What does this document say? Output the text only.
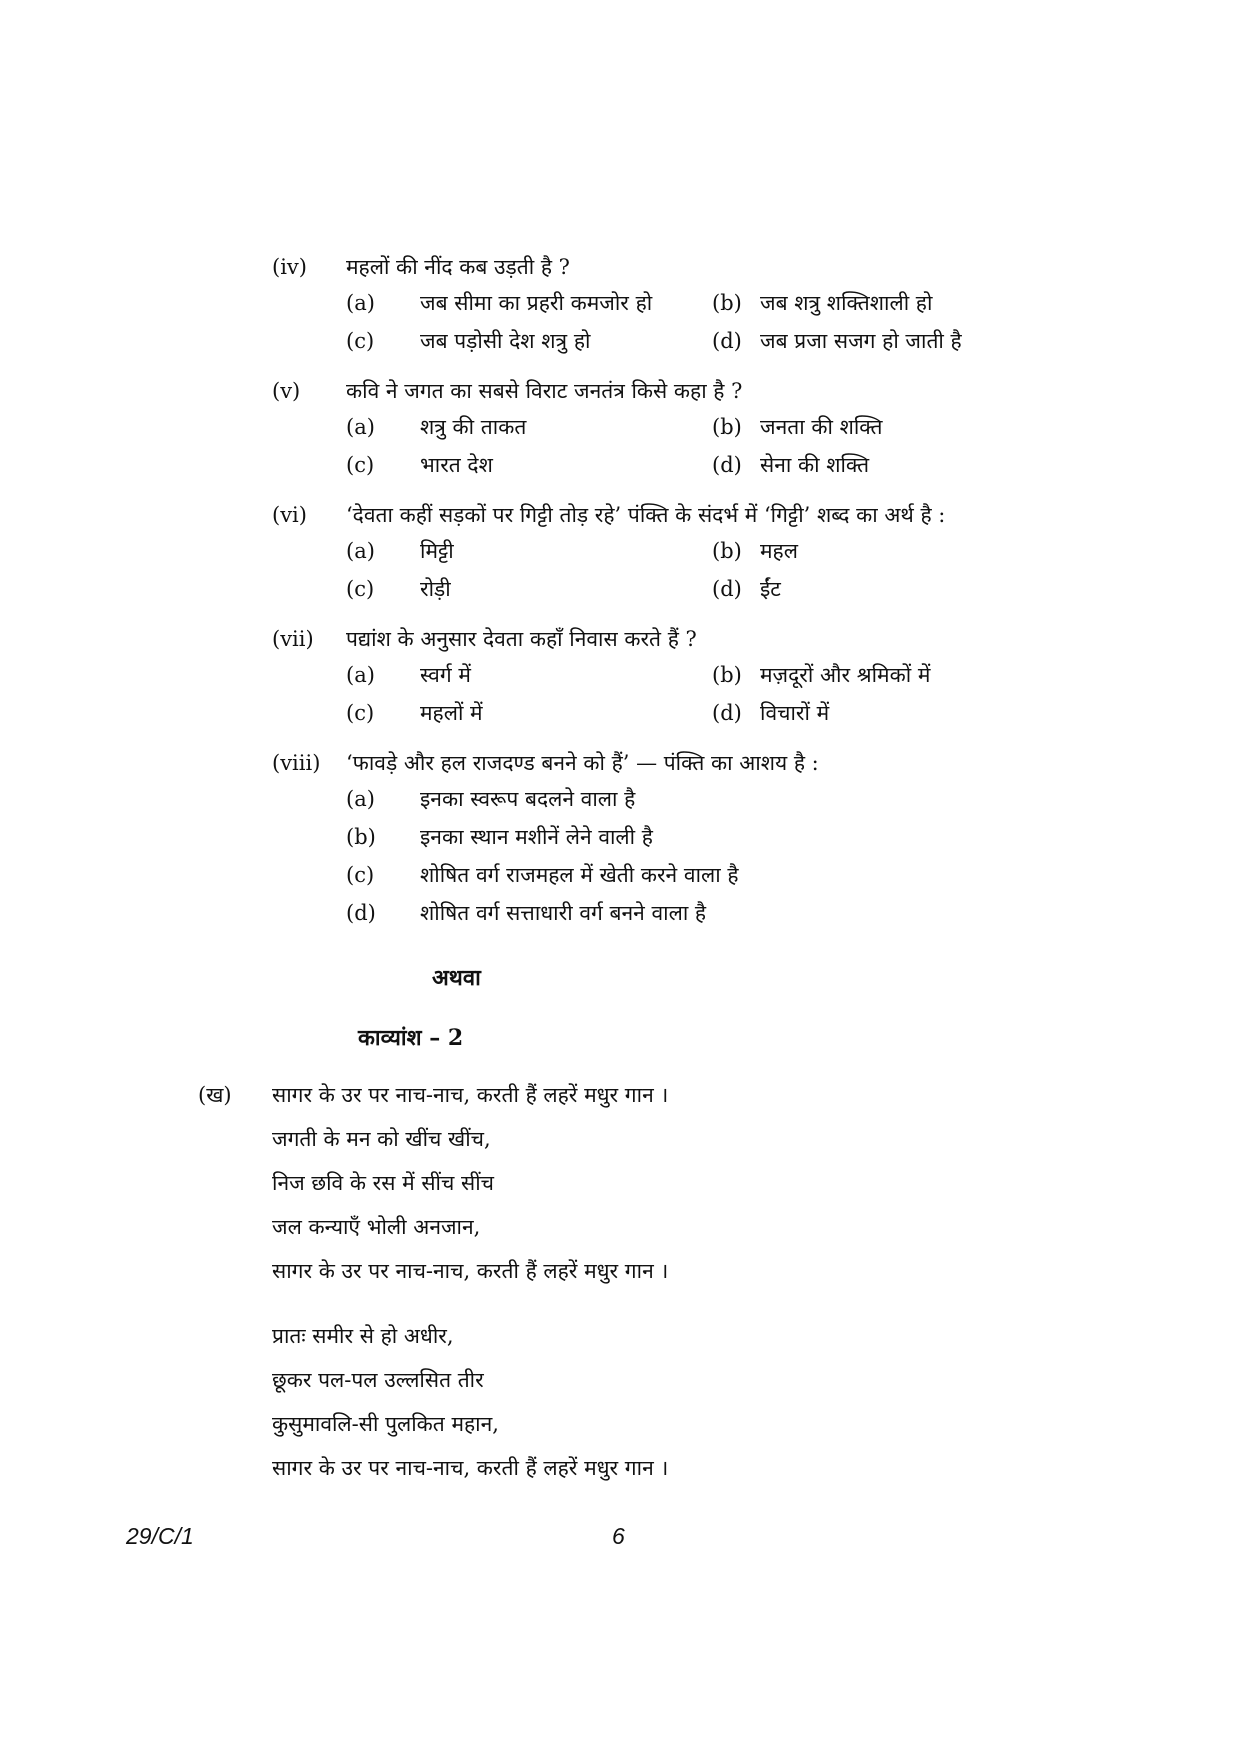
(iv) महलों की नींद कब उड़ती है ?
(a) जब सीमा का प्रहरी कमजोर हो	(b) जब शत्रु शक्तिशाली हो
(c) जब पड़ोसी देश शत्रु हो	(d) जब प्रजा सजग हो जाती है
(v) कवि ने जगत का सबसे विराट जनतंत्र किसे कहा है ?
(a) शत्रु की ताकत	(b) जनता की शक्ति
(c) भारत देश	(d) सेना की शक्ति
(vi) ‘देवता कहीं सड़कों पर गिट्टी तोड़ रहे’ पंक्ति के संदर्भ में ‘गिट्टी’ शब्द का अर्थ है :
(a) मिट्टी	(b) महल
(c) रोड़ी	(d) ईंट
(vii) पद्यांश के अनुसार देवता कहाँ निवास करते हैं ?
(a) स्वर्ग में	(b) मज़दूरों और श्रमिकों में
(c) महलों में	(d) विचारों में
(viii) ‘फावड़े और हल राजदण्ड बनने को हैं’ — पंक्ति का आशय है :
(a) इनका स्वरूप बदलने वाला है
(b) इनका स्थान मशीनें लेने वाली है
(c) शोषित वर्ग राजमहल में खेती करने वाला है
(d) शोषित वर्ग सत्ताधारी वर्ग बनने वाला है
अथवा
काव्यांश – 2
(ख) सागर के उर पर नाच-नाच, करती हैं लहरें मधुर गान ।
जगती के मन को खींच खींच,
निज छवि के रस में सींच सींच
जल कन्याएँ भोली अनजान,
सागर के उर पर नाच-नाच, करती हैं लहरें मधुर गान ।
प्रातः समीर से हो अधीर,
छूकर पल-पल उल्लसित तीर
कुसुमावलि-सी पुलकित महान,
सागर के उर पर नाच-नाच, करती हैं लहरें मधुर गान ।
29/C/1	6
